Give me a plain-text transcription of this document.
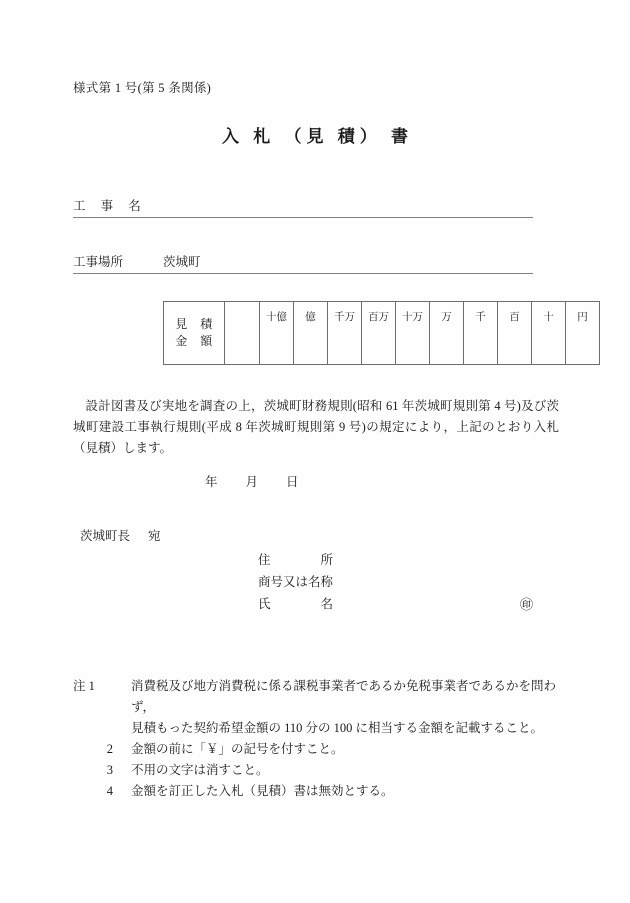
様式第 1 号(第 5 条関係)
入 札 （見 積） 書
工 事 名
工事場所	茨城町
見　積
金　額
		十億	億	千万	百万	十万	万	千	百	十	円
設計図書及び実地を調査の上，茨城町財務規則(昭和 61 年茨城町規則第 4 号)及び茨城町建設工事執行規則(平成 8 年茨城町規則第 9 号)の規定により，上記のとおり入札（見積）します。
年 月 日
茨城町長 宛
住　　　　所
商号又は名称
氏　　　　名	㊞
注 1	消費税及び地方消費税に係る課税事業者であるか免税事業者であるかを問わず，
見積もった契約希望金額の 110 分の 100 に相当する金額を記載すること。
2 金額の前に「￥」の記号を付すこと。
3 不用の文字は消すこと。
4 金額を訂正した入札（見積）書は無効とする。
